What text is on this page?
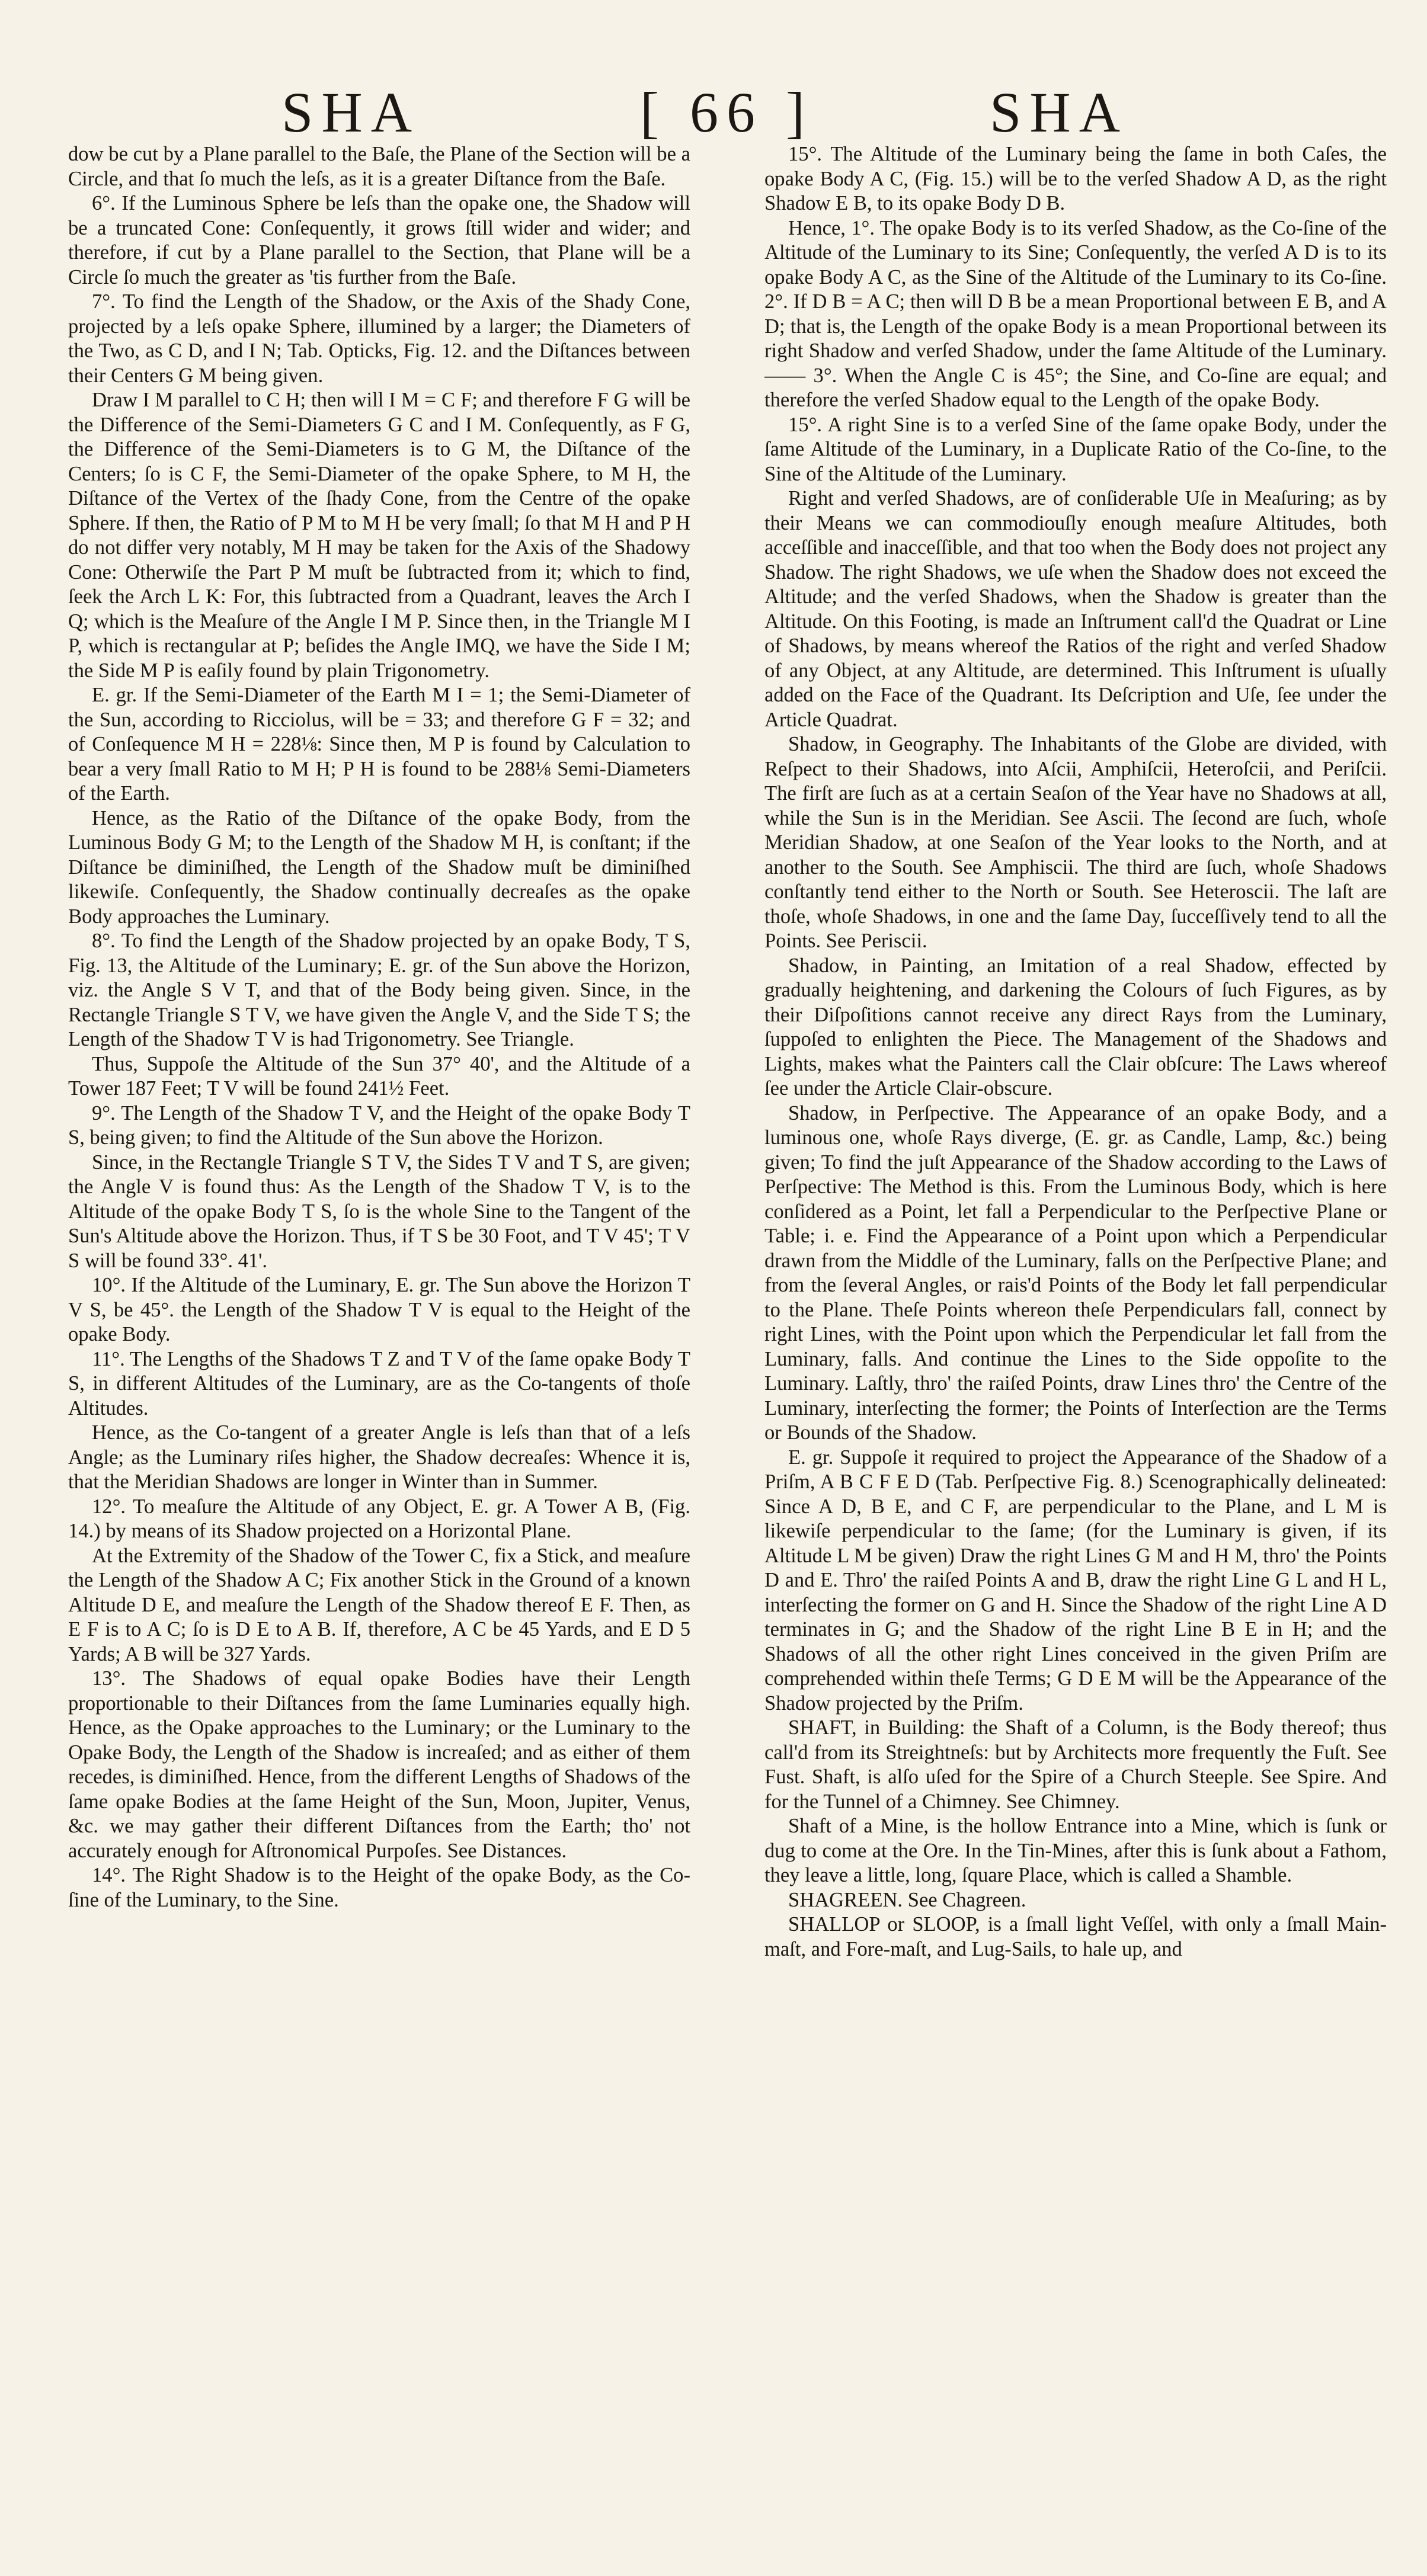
SHA	[ 66 ]	SHA

dow be cut by a Plane parallel to the Baſe, the Plane of the Section will be a Circle, and that ſo much the leſs, as it is a greater Diſtance from the Baſe.

6°. If the Luminous Sphere be leſs than the opake one, the Shadow will be a truncated Cone: Conſequently, it grows ſtill wider and wider; and therefore, if cut by a Plane parallel to the Section, that Plane will be a Circle ſo much the greater as 'tis further from the Baſe.

7°. To find the Length of the Shadow, or the Axis of the Shady Cone, projected by a leſs opake Sphere, illumined by a larger; the Diameters of the Two, as C D, and I N; Tab. Opticks, Fig. 12. and the Diſtances between their Centers G M being given.

Draw I M parallel to C H; then will I M = C F; and therefore F G will be the Difference of the Semi-Diameters G C and I M. Conſequently, as F G, the Difference of the Semi-Diameters is to G M, the Diſtance of the Centers; ſo is C F, the Semi-Diameter of the opake Sphere, to M H, the Diſtance of the Vertex of the ſhady Cone, from the Centre of the opake Sphere. If then, the Ratio of P M to M H be very ſmall; ſo that M H and P H do not differ very notably, M H may be taken for the Axis of the Shadowy Cone: Otherwiſe the Part P M muſt be ſubtracted from it; which to find, ſeek the Arch L K: For, this ſubtracted from a Quadrant, leaves the Arch I Q; which is the Meaſure of the Angle I M P. Since then, in the Triangle M I P, which is rectangular at P; beſides the Angle IMQ, we have the Side I M; the Side M P is eaſily found by plain Trigonometry.

E. gr. If the Semi-Diameter of the Earth M I = 1; the Semi-Diameter of the Sun, according to Ricciolus, will be = 33; and therefore G F = 32; and of Conſequence M H = 228⅛: Since then, M P is found by Calculation to bear a very ſmall Ratio to M H; P H is found to be 288⅛ Semi-Diameters of the Earth.

Hence, as the Ratio of the Diſtance of the opake Body, from the Luminous Body G M; to the Length of the Shadow M H, is conſtant; if the Diſtance be diminiſhed, the Length of the Shadow muſt be diminiſhed likewiſe. Conſequently, the Shadow continually decreaſes as the opake Body approaches the Luminary.

8°. To find the Length of the Shadow projected by an opake Body, T S, Fig. 13, the Altitude of the Luminary; E. gr. of the Sun above the Horizon, viz. the Angle S V T, and that of the Body being given. Since, in the Rectangle Triangle S T V, we have given the Angle V, and the Side T S; the Length of the Shadow T V is had Trigonometry. See Triangle.

Thus, Suppoſe the Altitude of the Sun 37° 40', and the Altitude of a Tower 187 Feet; T V will be found 241½ Feet.

9°. The Length of the Shadow T V, and the Height of the opake Body T S, being given; to find the Altitude of the Sun above the Horizon.

Since, in the Rectangle Triangle S T V, the Sides T V and T S, are given; the Angle V is found thus: As the Length of the Shadow T V, is to the Altitude of the opake Body T S, ſo is the whole Sine to the Tangent of the Sun's Altitude above the Horizon. Thus, if T S be 30 Foot, and T V 45'; T V S will be found 33°. 41'.

10°. If the Altitude of the Luminary, E. gr. The Sun above the Horizon T V S, be 45°. the Length of the Shadow T V is equal to the Height of the opake Body.

11°. The Lengths of the Shadows T Z and T V of the ſame opake Body T S, in different Altitudes of the Luminary, are as the Co-tangents of thoſe Altitudes.

Hence, as the Co-tangent of a greater Angle is leſs than that of a leſs Angle; as the Luminary riſes higher, the Shadow decreaſes: Whence it is, that the Meridian Shadows are longer in Winter than in Summer.

12°. To meaſure the Altitude of any Object, E. gr. A Tower A B, (Fig. 14.) by means of its Shadow projected on a Horizontal Plane.

At the Extremity of the Shadow of the Tower C, fix a Stick, and meaſure the Length of the Shadow A C; Fix another Stick in the Ground of a known Altitude D E, and meaſure the Length of the Shadow thereof E F. Then, as E F is to A C; ſo is D E to A B. If, therefore, A C be 45 Yards, and E D 5 Yards; A B will be 327 Yards.

13°. The Shadows of equal opake Bodies have their Length proportionable to their Diſtances from the ſame Luminaries equally high. Hence, as the Opake approaches to the Luminary; or the Luminary to the Opake Body, the Length of the Shadow is increaſed; and as either of them recedes, is diminiſhed. Hence, from the different Lengths of Shadows of the ſame opake Bodies at the ſame Height of the Sun, Moon, Jupiter, Venus, &c. we may gather their different Diſtances from the Earth; tho' not accurately enough for Aſtronomical Purpoſes. See Distances.

14°. The Right Shadow is to the Height of the opake Body, as the Co-ſine of the Luminary, to the Sine.

15°. The Altitude of the Luminary being the ſame in both Caſes, the opake Body A C, (Fig. 15.) will be to the verſed Shadow A D, as the right Shadow E B, to its opake Body D B.

Hence, 1°. The opake Body is to its verſed Shadow, as the Co-ſine of the Altitude of the Luminary to its Sine; Conſequently, the verſed A D is to its opake Body A C, as the Sine of the Altitude of the Luminary to its Co-ſine. 2°. If D B = A C; then will D B be a mean Proportional between E B, and A D; that is, the Length of the opake Body is a mean Proportional between its right Shadow and verſed Shadow, under the ſame Altitude of the Luminary. —— 3°. When the Angle C is 45°; the Sine, and Co-ſine are equal; and therefore the verſed Shadow equal to the Length of the opake Body.

15°. A right Sine is to a verſed Sine of the ſame opake Body, under the ſame Altitude of the Luminary, in a Duplicate Ratio of the Co-ſine, to the Sine of the Altitude of the Luminary.

Right and verſed Shadows, are of conſiderable Uſe in Meaſuring; as by their Means we can commodiouſly enough meaſure Altitudes, both acceſſible and inacceſſible, and that too when the Body does not project any Shadow. The right Shadows, we uſe when the Shadow does not exceed the Altitude; and the verſed Shadows, when the Shadow is greater than the Altitude. On this Footing, is made an Inſtrument call'd the Quadrat or Line of Shadows, by means whereof the Ratios of the right and verſed Shadow of any Object, at any Altitude, are determined. This Inſtrument is uſually added on the Face of the Quadrant. Its Deſcription and Uſe, ſee under the Article Quadrat.

Shadow, in Geography. The Inhabitants of the Globe are divided, with Reſpect to their Shadows, into Aſcii, Amphiſcii, Heteroſcii, and Periſcii. The firſt are ſuch as at a certain Seaſon of the Year have no Shadows at all, while the Sun is in the Meridian. See Ascii. The ſecond are ſuch, whoſe Meridian Shadow, at one Seaſon of the Year looks to the North, and at another to the South. See Amphiscii. The third are ſuch, whoſe Shadows conſtantly tend either to the North or South. See Heteroscii. The laſt are thoſe, whoſe Shadows, in one and the ſame Day, ſucceſſively tend to all the Points. See Periscii.

Shadow, in Painting, an Imitation of a real Shadow, effected by gradually heightening, and darkening the Colours of ſuch Figures, as by their Diſpoſitions cannot receive any direct Rays from the Luminary, ſuppoſed to enlighten the Piece. The Management of the Shadows and Lights, makes what the Painters call the Clair obſcure: The Laws whereof ſee under the Article Clair-obscure.

Shadow, in Perſpective. The Appearance of an opake Body, and a luminous one, whoſe Rays diverge, (E. gr. as Candle, Lamp, &c.) being given; To find the juſt Appearance of the Shadow according to the Laws of Perſpective: The Method is this. From the Luminous Body, which is here conſidered as a Point, let fall a Perpendicular to the Perſpective Plane or Table; i. e. Find the Appearance of a Point upon which a Perpendicular drawn from the Middle of the Luminary, falls on the Perſpective Plane; and from the ſeveral Angles, or rais'd Points of the Body let fall perpendicular to the Plane. Theſe Points whereon theſe Perpendiculars fall, connect by right Lines, with the Point upon which the Perpendicular let fall from the Luminary, falls. And continue the Lines to the Side oppoſite to the Luminary. Laſtly, thro' the raiſed Points, draw Lines thro' the Centre of the Luminary, interſecting the former; the Points of Interſection are the Terms or Bounds of the Shadow.

E. gr. Suppoſe it required to project the Appearance of the Shadow of a Priſm, A B C F E D (Tab. Perſpective Fig. 8.) Scenographically delineated: Since A D, B E, and C F, are perpendicular to the Plane, and L M is likewiſe perpendicular to the ſame; (for the Luminary is given, if its Altitude L M be given) Draw the right Lines G M and H M, thro' the Points D and E. Thro' the raiſed Points A and B, draw the right Line G L and H L, interſecting the former on G and H. Since the Shadow of the right Line A D terminates in G; and the Shadow of the right Line B E in H; and the Shadows of all the other right Lines conceived in the given Priſm are comprehended within theſe Terms; G D E M will be the Appearance of the Shadow projected by the Priſm.

SHAFT, in Building: the Shaft of a Column, is the Body thereof; thus call'd from its Streightneſs: but by Architects more frequently the Fuſt. See Fust. Shaft, is alſo uſed for the Spire of a Church Steeple. See Spire. And for the Tunnel of a Chimney. See Chimney.

Shaft of a Mine, is the hollow Entrance into a Mine, which is ſunk or dug to come at the Ore. In the Tin-Mines, after this is ſunk about a Fathom, they leave a little, long, ſquare Place, which is called a Shamble.

SHAGREEN. See Chagreen.

SHALLOP or SLOOP, is a ſmall light Veſſel, with only a ſmall Main-maſt, and Fore-maſt, and Lug-Sails, to hale up, and
